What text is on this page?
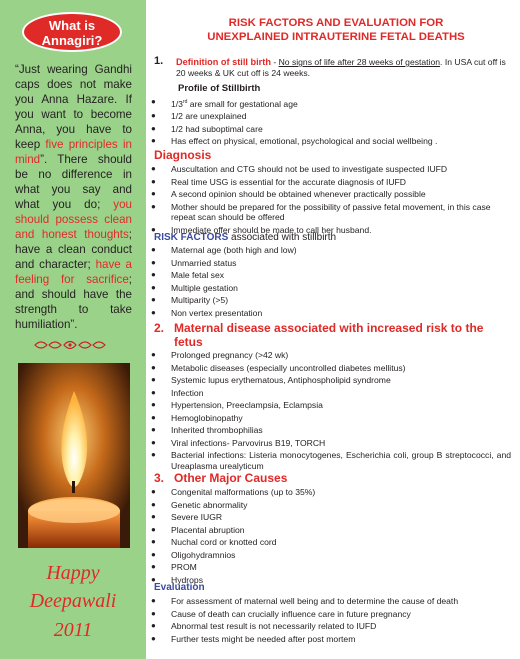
What is
Annagiri?
“Just wearing Gandhi caps does not make you Anna Hazare. If you want to become Anna, you have to keep five principles in mind”. There should be no difference in what you say and what you do; you should possess clean and honest thoughts; have a clean conduct and character; have a feeling for sacrifice; and should have the strength to take humiliation”.
Happy
Deepawali
2011
RISK FACTORS AND EVALUATION FOR
UNEXPLAINED INTRAUTERINE FETAL DEATHS
1. Definition of still birth - No signs of life after 28 weeks of gestation. In USA cut off is 20 weeks & UK cut off is 24 weeks.
Profile of Stillbirth
● 1/3rd are small for gestational age
● 1/2 are unexplained
● 1/2 had suboptimal care
● Has effect on physical, emotional, psychological and social wellbeing .
Diagnosis
● Auscultation and CTG should not be used to investigate suspected IUFD
● Real time USG is essential for the accurate diagnosis of IUFD
● A second opinion should be obtained whenever practically possible
● Mother should be prepared for the possibility of passive fetal movement, in this case repeat scan should be offered
● Immediate offer should be made to call her husband.
RISK FACTORS associated with stillbirth
● Maternal age (both high and low)
● Unmarried status
● Male fetal sex
● Multiple gestation
● Multiparity (>5)
● Non vertex presentation
2. Maternal disease associated with increased risk to the fetus
● Prolonged pregnancy (>42 wk)
● Metabolic diseases (especially uncontrolled diabetes mellitus)
● Systemic lupus erythematous, Antiphospholipid syndrome
● Infection
● Hypertension, Preeclampsia, Eclampsia
● Hemoglobinopathy
● Inherited thrombophilias
● Viral infections- Parvovirus B19, TORCH
● Bacterial infections: Listeria monocytogenes, Escherichia coli, group B streptococci, and Ureaplasma urealyticum
3. Other Major Causes
● Congenital malformations (up to 35%)
● Genetic abnormality
● Severe IUGR
● Placental abruption
● Nuchal cord or knotted cord
● Oligohydramnios
● PROM
● Hydrops
Evaluation
● For assessment of maternal well being and to determine the cause of death
● Cause of death can crucially influence care in future pregnancy
● Abnormal test result is not necessarily related to IUFD
● Further tests might be needed after post mortem
